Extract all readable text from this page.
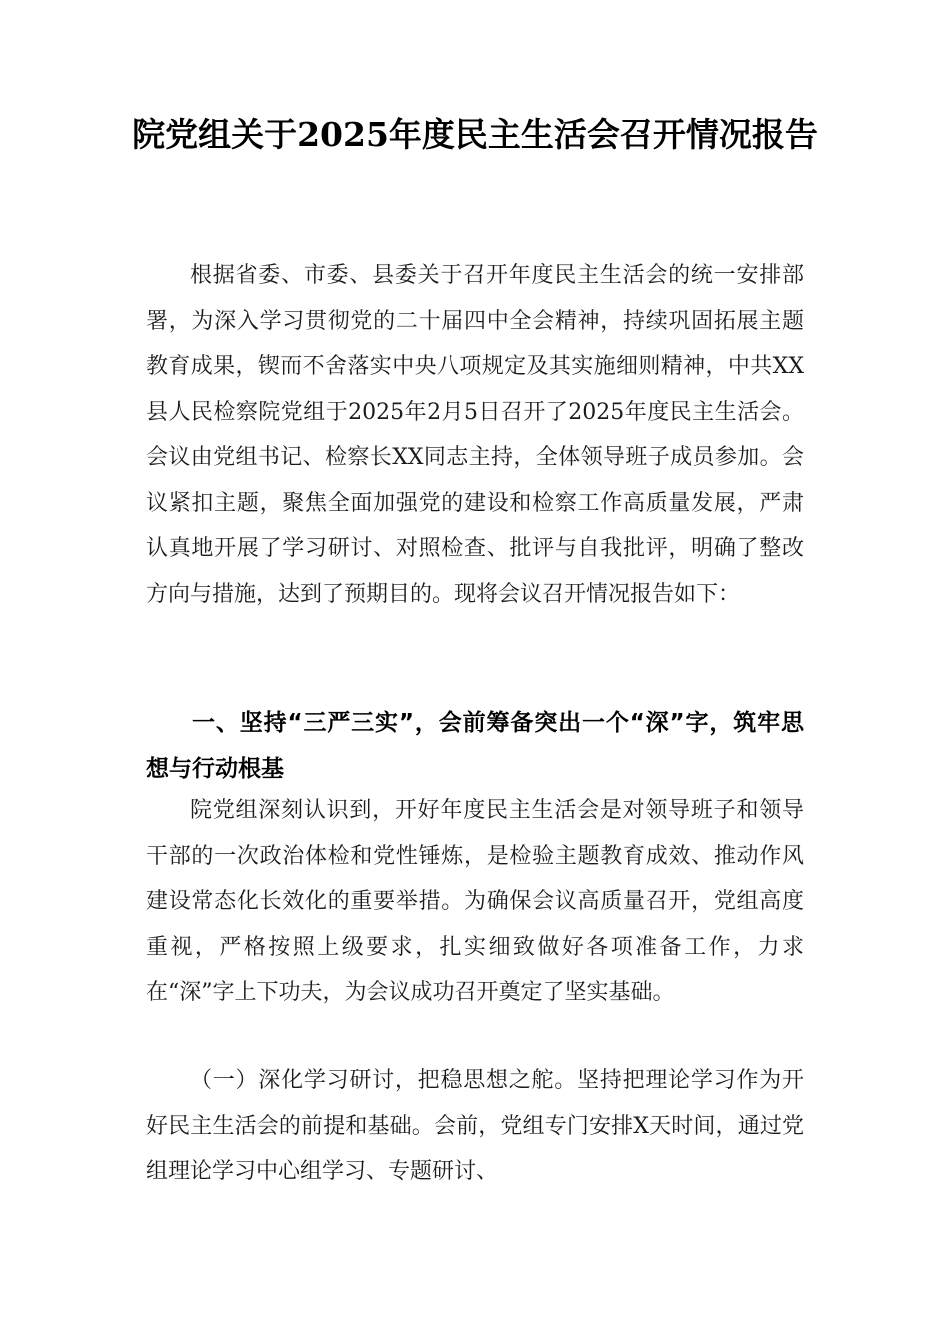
院党组关于2025年度民主生活会召开情况报告

根据省委、市委、县委关于召开年度民主生活会的统一安排部署，为深入学习贯彻党的二十届四中全会精神，持续巩固拓展主题教育成果，锲而不舍落实中央八项规定及其实施细则精神，中共XX县人民检察院党组于2025年2月5日召开了2025年度民主生活会。会议由党组书记、检察长XX同志主持，全体领导班子成员参加。会议紧扣主题，聚焦全面加强党的建设和检察工作高质量发展，严肃认真地开展了学习研讨、对照检查、批评与自我批评，明确了整改方向与措施，达到了预期目的。现将会议召开情况报告如下：

一、坚持“三严三实”，会前筹备突出一个“深”字，筑牢思想与行动根基

院党组深刻认识到，开好年度民主生活会是对领导班子和领导干部的一次政治体检和党性锤炼，是检验主题教育成效、推动作风建设常态化长效化的重要举措。为确保会议高质量召开，党组高度重视，严格按照上级要求，扎实细致做好各项准备工作，力求在“深”字上下功夫，为会议成功召开奠定了坚实基础。

（一）深化学习研讨，把稳思想之舵。坚持把理论学习作为开好民主生活会的前提和基础。会前，党组专门安排X天时间，通过党组理论学习中心组学习、专题研讨、
